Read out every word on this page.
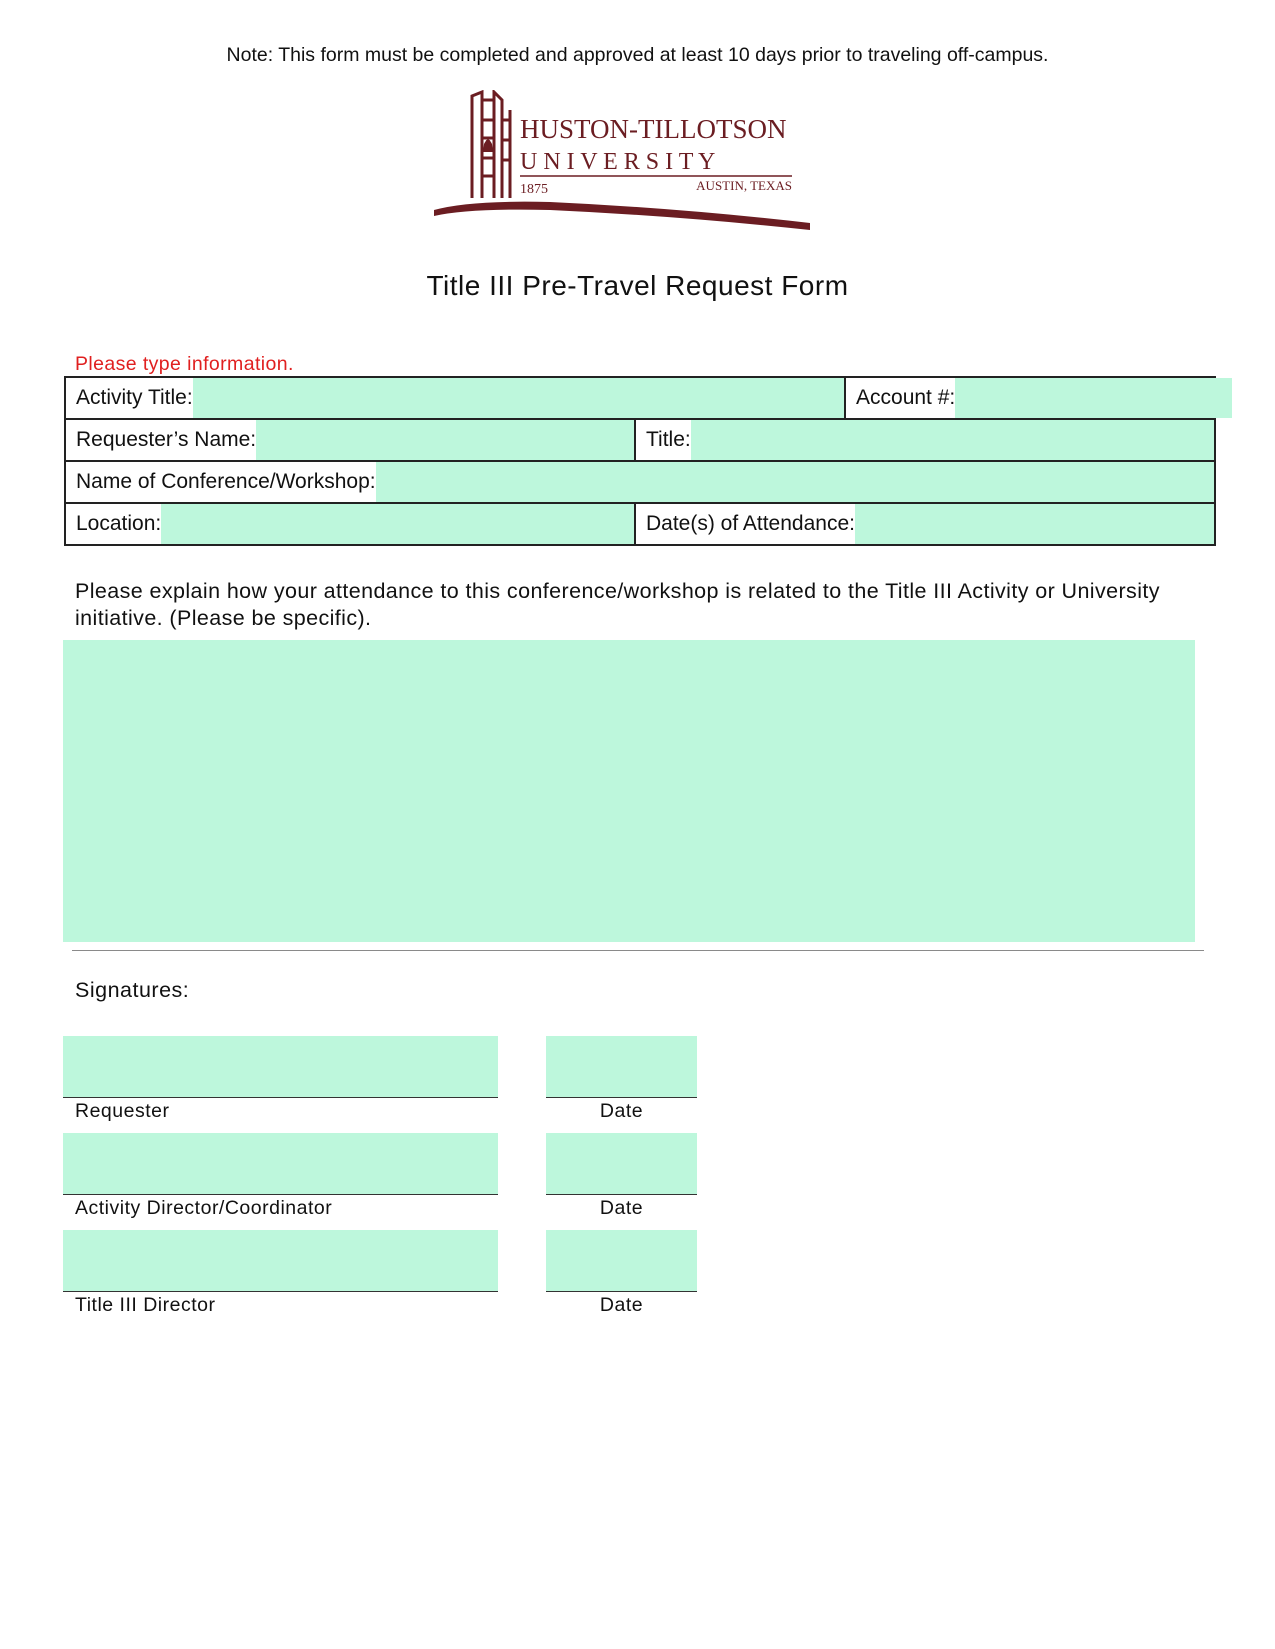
Note: This form must be completed and approved at least 10 days prior to traveling off-campus.
HUSTON-TILLOTSON
U N I V E R S I T Y
1875	AUSTIN, TEXAS
Title III Pre-Travel Request Form
Please type information.
Activity Title:		Account #:

Requester’s Name:	Title:	

Name of Conference/Workshop:		

Location:	Date(s) of Attendance:	
Please explain how your attendance to this conference/workshop is related to the Title III Activity or University initiative. (Please be specific).
Signatures:
Requester	Date
Activity Director/Coordinator	Date
Title III Director	Date
